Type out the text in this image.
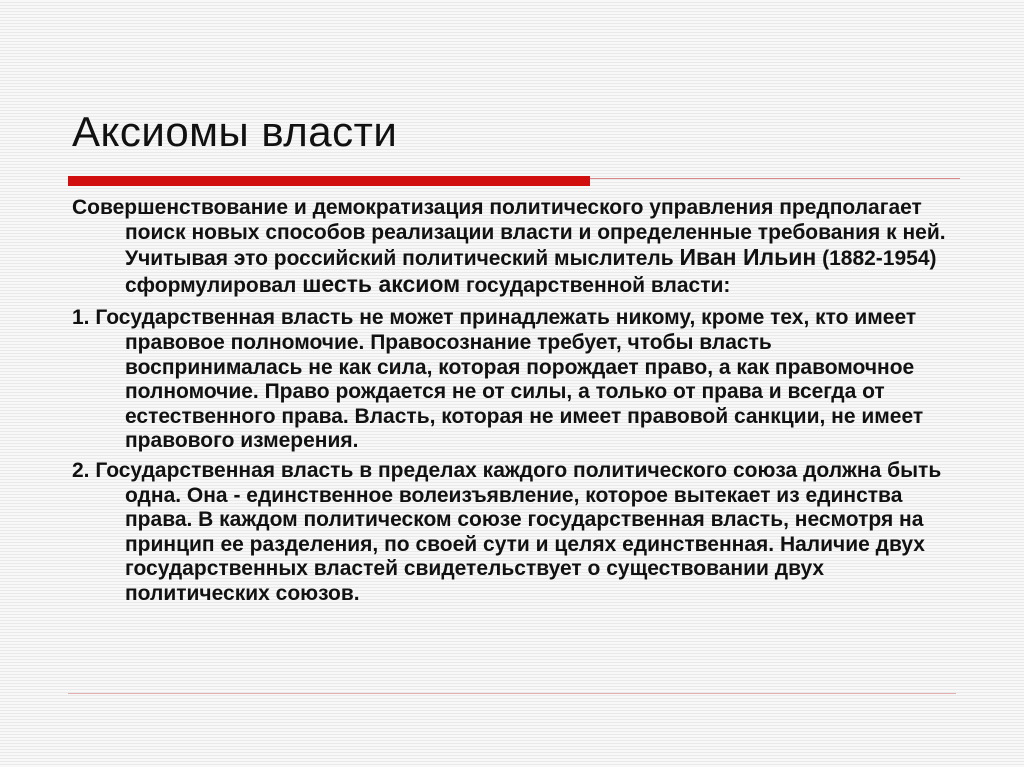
Аксиомы власти

Совершенствование и демократизация политического управления предполагает поиск новых способов реализации власти и определенные требования к ней. Учитывая это российский политический мыслитель Иван Ильин (1882-1954) сформулировал шесть аксиом государственной власти:

1. Государственная власть не может принадлежать никому, кроме тех, кто имеет правовое полномочие. Правосознание требует, чтобы власть воспринималась не как сила, которая порождает право, а как правомочное полномочие. Право рождается не от силы, а только от права и всегда от естественного права. Власть, которая не имеет правовой санкции, не имеет правового измерения.

2. Государственная власть в пределах каждого политического союза должна быть одна. Она - единственное волеизъявление, которое вытекает из единства права. В каждом политическом союзе государственная власть, несмотря на принцип ее разделения, по своей сути и целях единственная. Наличие двух государственных властей свидетельствует о существовании двух политических союзов.
